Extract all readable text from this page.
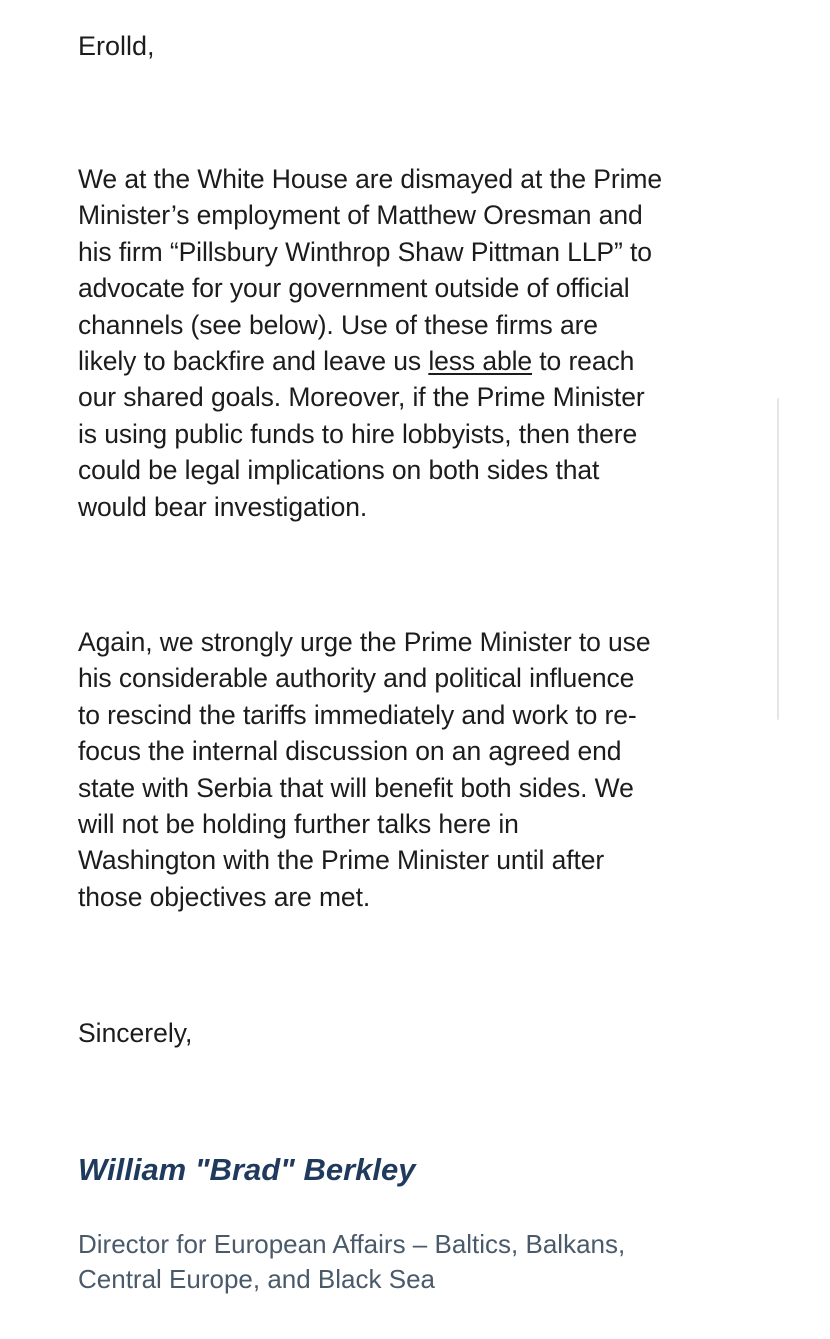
Erolld,
We at the White House are dismayed at the Prime
Minister’s employment of Matthew Oresman and
his firm “Pillsbury Winthrop Shaw Pittman LLP” to
advocate for your government outside of official
channels (see below). Use of these firms are
likely to backfire and leave us less able to reach
our shared goals. Moreover, if the Prime Minister
is using public funds to hire lobbyists, then there
could be legal implications on both sides that
would bear investigation.
Again, we strongly urge the Prime Minister to use
his considerable authority and political influence
to rescind the tariffs immediately and work to re-
focus the internal discussion on an agreed end
state with Serbia that will benefit both sides. We
will not be holding further talks here in
Washington with the Prime Minister until after
those objectives are met.
Sincerely,
William "Brad" Berkley
Director for European Affairs – Baltics, Balkans,
Central Europe, and Black Sea
